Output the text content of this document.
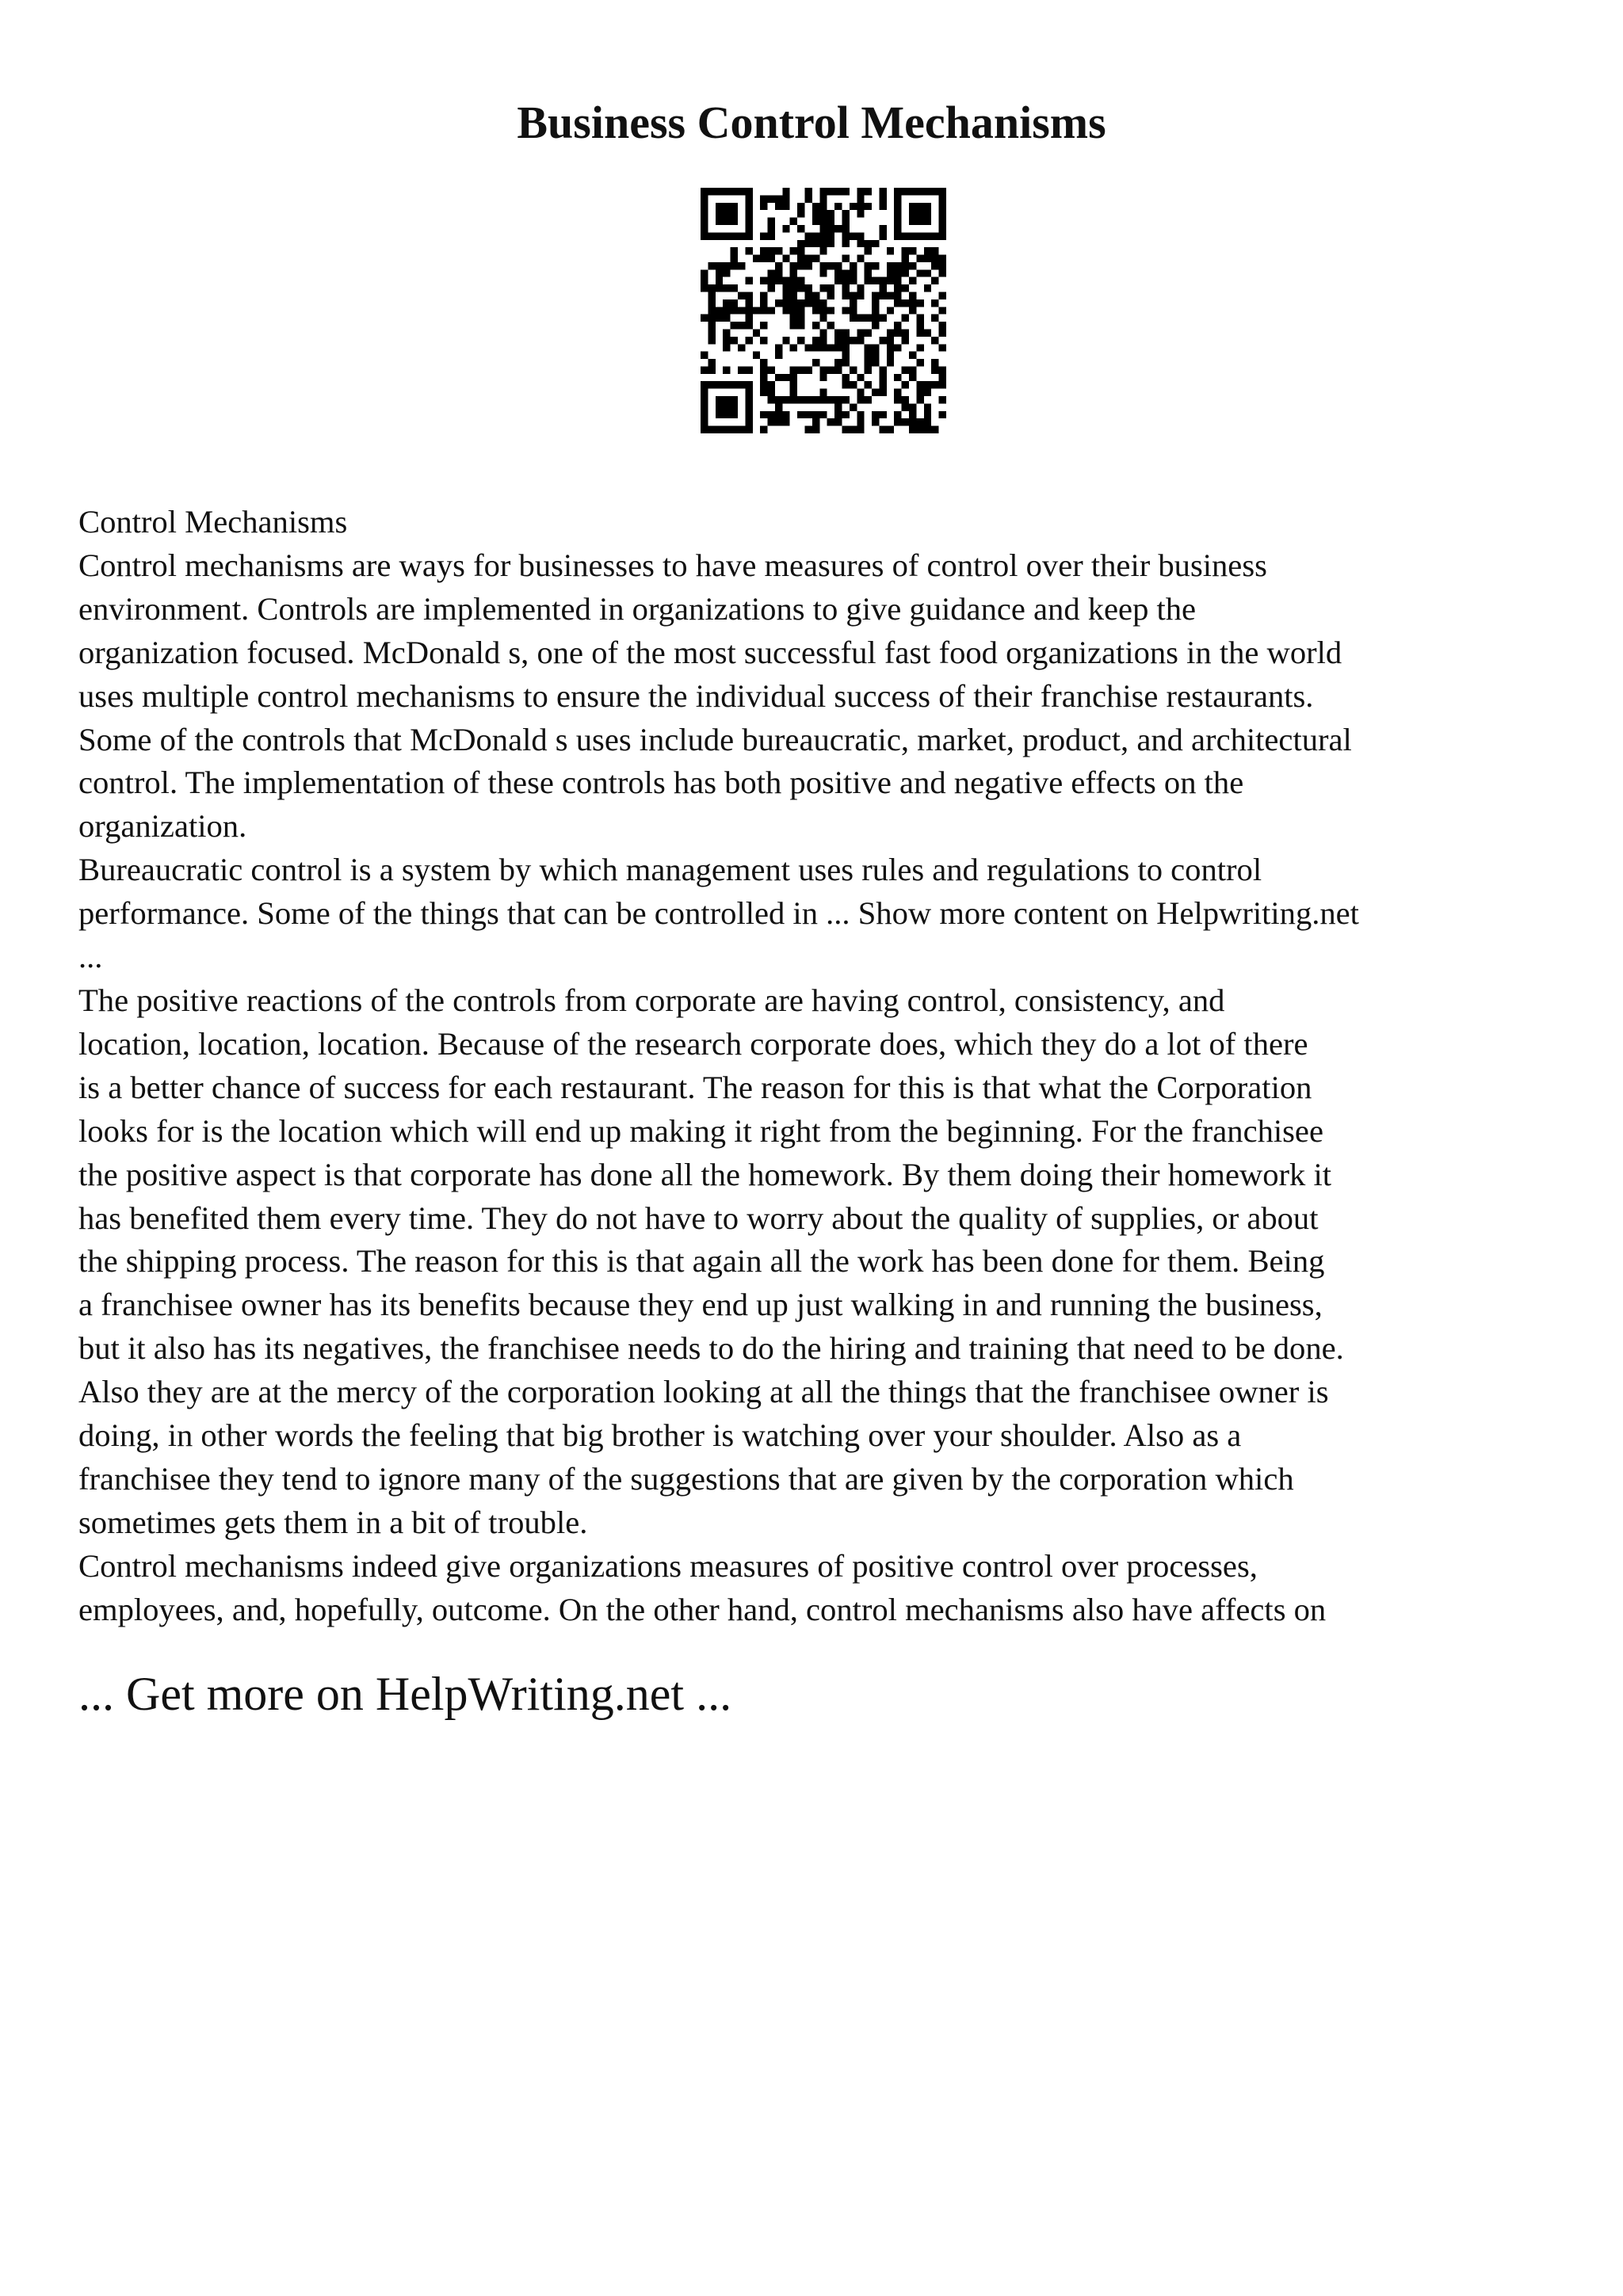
Business Control Mechanisms

Control Mechanisms

Control mechanisms are ways for businesses to have measures of control over their business
environment. Controls are implemented in organizations to give guidance and keep the
organization focused. McDonald s, one of the most successful fast food organizations in the world
uses multiple control mechanisms to ensure the individual success of their franchise restaurants.
Some of the controls that McDonald s uses include bureaucratic, market, product, and architectural
control. The implementation of these controls has both positive and negative effects on the
organization.

Bureaucratic control is a system by which management uses rules and regulations to control
performance. Some of the things that can be controlled in ... Show more content on Helpwriting.net
...

The positive reactions of the controls from corporate are having control, consistency, and
location, location, location. Because of the research corporate does, which they do a lot of there
is a better chance of success for each restaurant. The reason for this is that what the Corporation
looks for is the location which will end up making it right from the beginning. For the franchisee
the positive aspect is that corporate has done all the homework. By them doing their homework it
has benefited them every time. They do not have to worry about the quality of supplies, or about
the shipping process. The reason for this is that again all the work has been done for them. Being
a franchisee owner has its benefits because they end up just walking in and running the business,
but it also has its negatives, the franchisee needs to do the hiring and training that need to be done.
Also they are at the mercy of the corporation looking at all the things that the franchisee owner is
doing, in other words the feeling that big brother is watching over your shoulder. Also as a
franchisee they tend to ignore many of the suggestions that are given by the corporation which
sometimes gets them in a bit of trouble.

Control mechanisms indeed give organizations measures of positive control over processes,
employees, and, hopefully, outcome. On the other hand, control mechanisms also have affects on

... Get more on HelpWriting.net ...
